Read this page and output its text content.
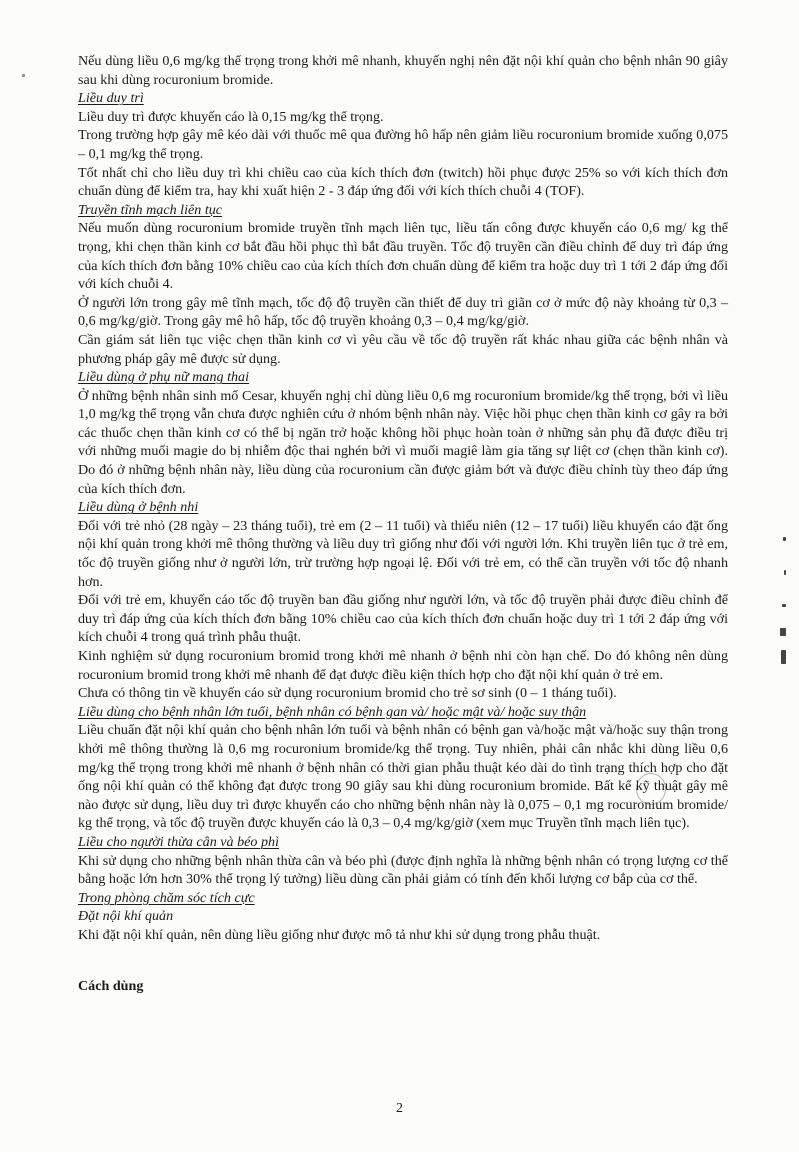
Nếu dùng liều 0,6 mg/kg thể trọng trong khởi mê nhanh, khuyến nghị nên đặt nội khí quản cho bệnh nhân 90 giây sau khi dùng rocuronium bromide.
Liều duy trì
Liều duy trì được khuyến cáo là 0,15 mg/kg thể trọng.
Trong trường hợp gây mê kéo dài với thuốc mê qua đường hô hấp nên giảm liều rocuronium bromide xuống 0,075 – 0,1 mg/kg thể trọng.
Tốt nhất chỉ cho liều duy trì khi chiều cao của kích thích đơn (twitch) hồi phục được 25% so với kích thích đơn chuẩn dùng để kiểm tra, hay khi xuất hiện 2 - 3 đáp ứng đối với kích thích chuỗi 4 (TOF).
Truyền tĩnh mạch liên tục
Nếu muốn dùng rocuronium bromide truyền tĩnh mạch liên tục, liều tấn công được khuyến cáo 0,6 mg/ kg thể trọng, khi chẹn thần kinh cơ bắt đầu hồi phục thì bắt đầu truyền. Tốc độ truyền cần điều chỉnh để duy trì đáp ứng của kích thích đơn bằng 10% chiều cao của kích thích đơn chuẩn dùng để kiểm tra hoặc duy trì 1 tới 2 đáp ứng đối với kích chuỗi 4.
Ở người lớn trong gây mê tĩnh mạch, tốc độ độ truyền cần thiết để duy trì giãn cơ ở mức độ này khoảng từ 0,3 – 0,6 mg/kg/giờ. Trong gây mê hô hấp, tốc độ truyền khoảng 0,3 – 0,4 mg/kg/giờ.
Cần giám sát liên tục việc chẹn thần kinh cơ vì yêu cầu về tốc độ truyền rất khác nhau giữa các bệnh nhân và phương pháp gây mê được sử dụng.
Liều dùng ở phụ nữ mang thai
Ở những bệnh nhân sinh mổ Cesar, khuyến nghị chỉ dùng liều 0,6 mg rocuronium bromide/kg thể trọng, bởi vì liều 1,0 mg/kg thể trọng vẫn chưa được nghiên cứu ở nhóm bệnh nhân này. Việc hồi phục chẹn thần kinh cơ gây ra bởi các thuốc chẹn thần kinh cơ có thể bị ngăn trở hoặc không hồi phục hoàn toàn ở những sản phụ đã được điều trị với những muối magie do bị nhiễm độc thai nghén bởi vì muối magiê làm gia tăng sự liệt cơ (chẹn thần kinh cơ). Do đó ở những bệnh nhân này, liều dùng của rocuronium cần được giảm bớt và được điều chỉnh tùy theo đáp ứng của kích thích đơn.
Liều dùng ở bệnh nhi
Đối với trẻ nhỏ (28 ngày – 23 tháng tuổi), trẻ em (2 – 11 tuổi) và thiếu niên (12 – 17 tuổi) liều khuyến cáo đặt ống nội khí quản trong khởi mê thông thường và liều duy trì giống như đối với người lớn. Khi truyền liên tục ở trẻ em, tốc độ truyền giống như ở người lớn, trừ trường hợp ngoại lệ. Đối với trẻ em, có thể cần truyền với tốc độ nhanh hơn.
Đối với trẻ em, khuyến cáo tốc độ truyền ban đầu giống như người lớn, và tốc độ truyền phải được điều chỉnh để duy trì đáp ứng của kích thích đơn bằng 10% chiều cao của kích thích đơn chuẩn hoặc duy trì 1 tới 2 đáp ứng với kích chuỗi 4 trong quá trình phẫu thuật.
Kinh nghiệm sử dụng rocuronium bromid trong khởi mê nhanh ở bệnh nhi còn hạn chế. Do đó không nên dùng rocuronium bromid trong khởi mê nhanh để đạt được điều kiện thích hợp cho đặt nội khí quản ở trẻ em.
Chưa có thông tin về khuyến cáo sử dụng rocuronium bromid cho trẻ sơ sinh (0 – 1 tháng tuổi).
Liều dùng cho bệnh nhân lớn tuổi, bệnh nhân có bệnh gan và/ hoặc mật và/ hoặc suy thận
Liều chuẩn đặt nội khí quản cho bệnh nhân lớn tuổi và bệnh nhân có bệnh gan và/hoặc mật và/hoặc suy thận trong khởi mê thông thường là 0,6 mg rocuronium bromide/kg thể trọng. Tuy nhiên, phải cân nhắc khi dùng liều 0,6 mg/kg thể trọng trong khởi mê nhanh ở bệnh nhân có thời gian phẫu thuật kéo dài do tình trạng thích hợp cho đặt ống nội khí quản có thể không đạt được trong 90 giây sau khi dùng rocuronium bromide. Bất kể kỹ thuật gây mê nào được sử dụng, liều duy trì được khuyến cáo cho những bệnh nhân này là 0,075 – 0,1 mg rocuronium bromide/ kg thể trọng, và tốc độ truyền được khuyến cáo là 0,3 – 0,4 mg/kg/giờ (xem mục Truyền tĩnh mạch liên tục).
Liều cho người thừa cân và béo phì
Khi sử dụng cho những bệnh nhân thừa cân và béo phì (được định nghĩa là những bệnh nhân có trọng lượng cơ thể bằng hoặc lớn hơn 30% thể trọng lý tưởng) liều dùng cần phải giảm có tính đến khối lượng cơ bắp của cơ thể.
Trong phòng chăm sóc tích cực
Đặt nội khí quản
Khi đặt nội khí quản, nên dùng liều giống như được mô tả như khi sử dụng trong phẫu thuật.
Cách dùng
2
